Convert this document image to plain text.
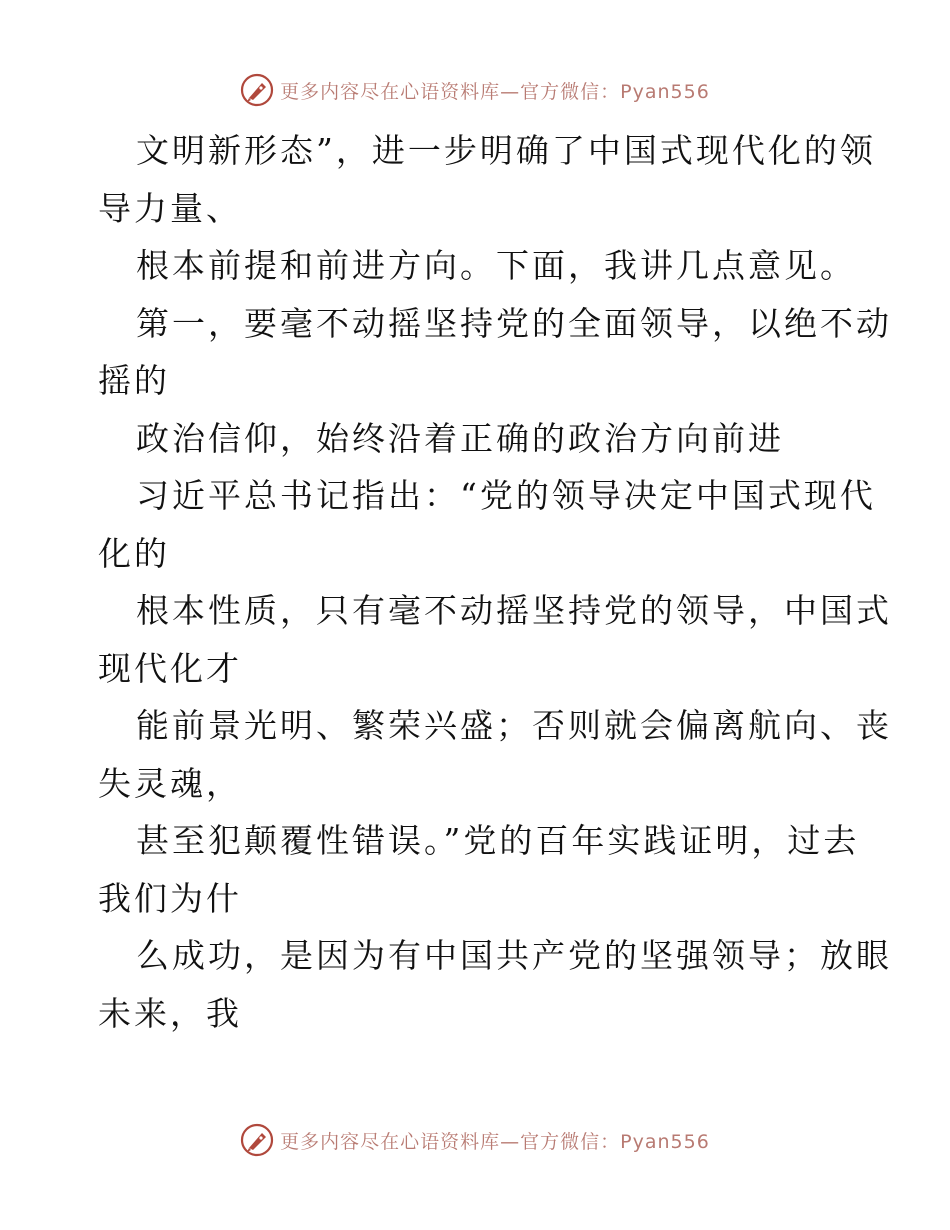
更多内容尽在心语资料库—官方微信：Pyan556
文明新形态”，进一步明确了中国式现代化的领
导力量、
根本前提和前进方向。下面，我讲几点意见。
第一，要毫不动摇坚持党的全面领导，以绝不动
摇的
政治信仰，始终沿着正确的政治方向前进
习近平总书记指出：“党的领导决定中国式现代
化的
根本性质，只有毫不动摇坚持党的领导，中国式
现代化才
能前景光明、繁荣兴盛；否则就会偏离航向、丧
失灵魂，
甚至犯颠覆性错误。”党的百年实践证明，过去
我们为什
么成功，是因为有中国共产党的坚强领导；放眼
未来，我
更多内容尽在心语资料库—官方微信：Pyan556
